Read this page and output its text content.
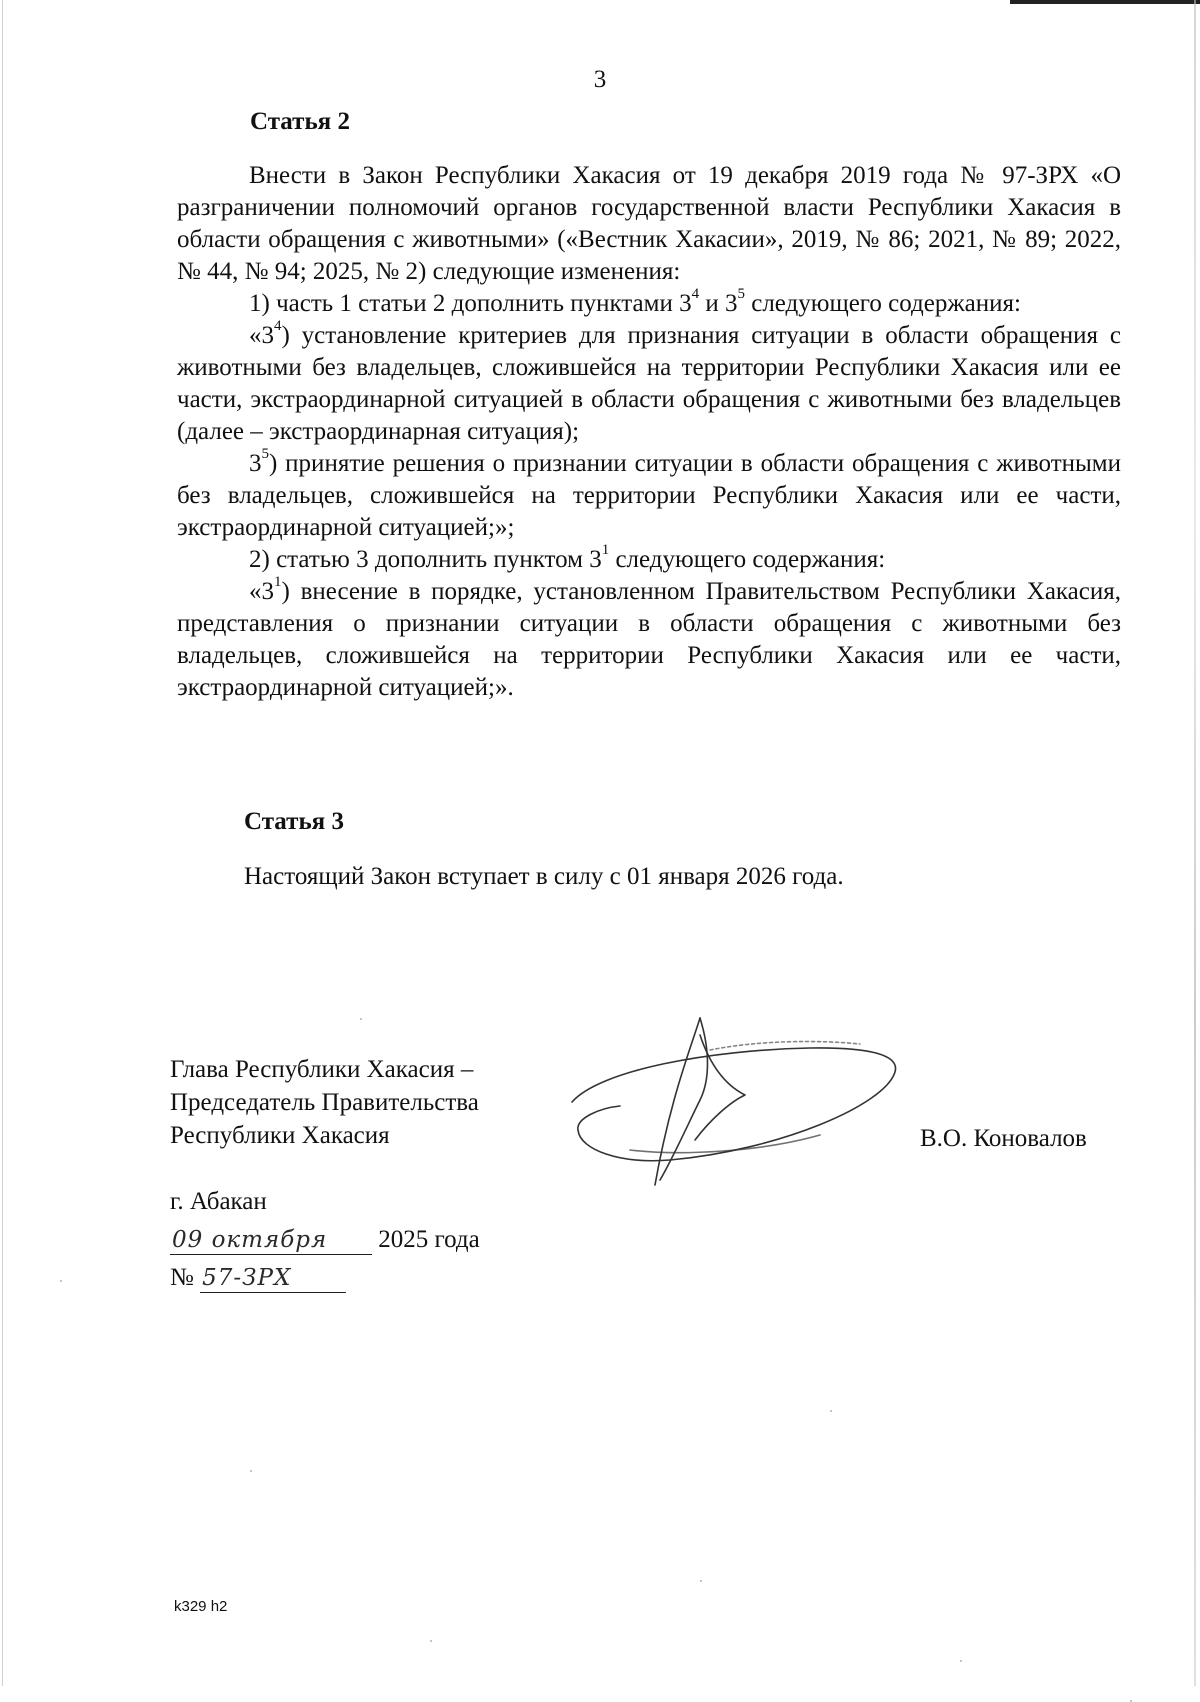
3
Статья 2

Внести в Закон Республики Хакасия от 19 декабря 2019 года № 97-ЗРХ «О разграничении полномочий органов государственной власти Республики Хакасия в области обращения с животными» («Вестник Хакасии», 2019, № 86; 2021, № 89; 2022, № 44, № 94; 2025, № 2) следующие изменения:

1) часть 1 статьи 2 дополнить пунктами $3^4$ и $3^5$ следующего содержания:

«$3^4$) установление критериев для признания ситуации в области обращения с животными без владельцев, сложившейся на территории Республики Хакасия или ее части, экстраординарной ситуацией в области обращения с животными без владельцев (далее – экстраординарная ситуация);

$3^5$) принятие решения о признании ситуации в области обращения с животными без владельцев, сложившейся на территории Республики Хакасия или ее части, экстраординарной ситуацией;»;

2) статью 3 дополнить пунктом $3^1$ следующего содержания:

«$3^1$) внесение в порядке, установленном Правительством Республики Хакасия, представления о признании ситуации в области обращения с животными без владельцев, сложившейся на территории Республики Хакасия или ее части, экстраординарной ситуацией;».

Статья 3
Настоящий Закон вступает в силу с 01 января 2026 года.
Глава Республики Хакасия –
Председатель Правительства
Республики Хакасия	В.О. Коновалов
г. Абакан
09 октября 2025 года
№ 57-ЗРХ
k329 h2
